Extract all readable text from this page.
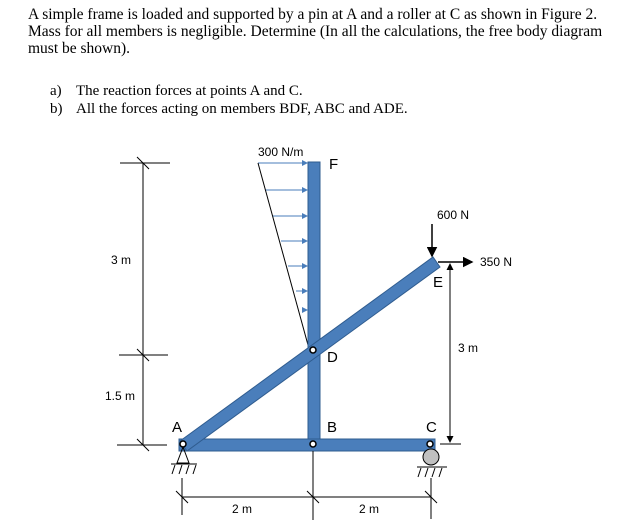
A simple frame is loaded and supported by a pin at A and a roller at C as shown in Figure 2. Mass for all members is negligible. Determine (In all the calculations, the free body diagram must be shown).
a) The reaction forces at points A and C.
b) All the forces acting on members BDF, ABC and ADE.
300 N/m
600 N
350 N
F
E
D
B	C
A
3 m
1.5 m
3 m
2 m	2 m
